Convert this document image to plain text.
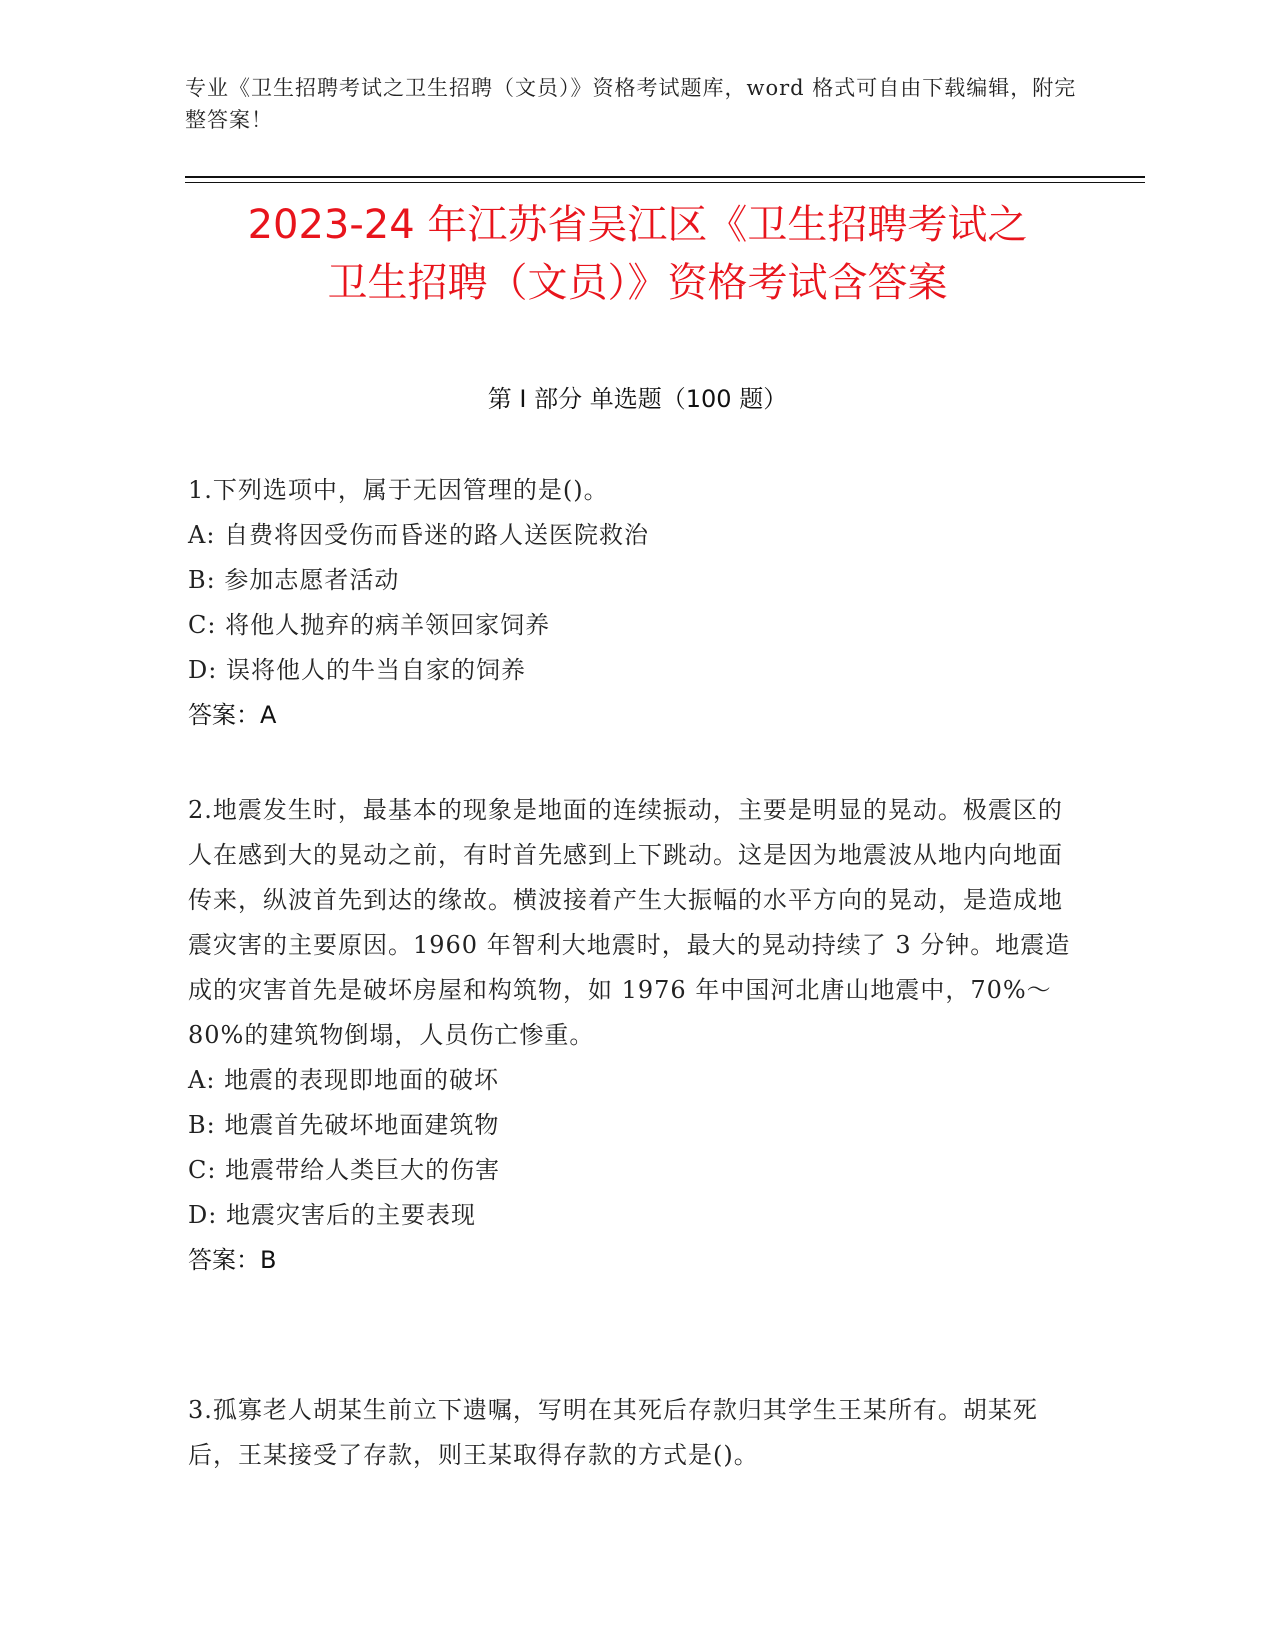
专业《卫生招聘考试之卫生招聘（文员）》资格考试题库，word 格式可自由下载编辑，附完整答案！
2023-24 年江苏省吴江区《卫生招聘考试之
卫生招聘（文员）》资格考试含答案
第 I 部分 单选题（100 题）

1.下列选项中，属于无因管理的是()。

A: 自费将因受伤而昏迷的路人送医院救治

B: 参加志愿者活动

C: 将他人抛弃的病羊领回家饲养

D: 误将他人的牛当自家的饲养

答案：A

2.地震发生时，最基本的现象是地面的连续振动，主要是明显的晃动。极震区的人在感到大的晃动之前，有时首先感到上下跳动。这是因为地震波从地内向地面传来，纵波首先到达的缘故。横波接着产生大振幅的水平方向的晃动，是造成地震灾害的主要原因。1960 年智利大地震时，最大的晃动持续了 3 分钟。地震造成的灾害首先是破坏房屋和构筑物，如 1976 年中国河北唐山地震中，70%～80%的建筑物倒塌，人员伤亡惨重。

A: 地震的表现即地面的破坏

B: 地震首先破坏地面建筑物

C: 地震带给人类巨大的伤害

D: 地震灾害后的主要表现

答案：B

3.孤寡老人胡某生前立下遗嘱，写明在其死后存款归其学生王某所有。胡某死后，王某接受了存款，则王某取得存款的方式是()。
